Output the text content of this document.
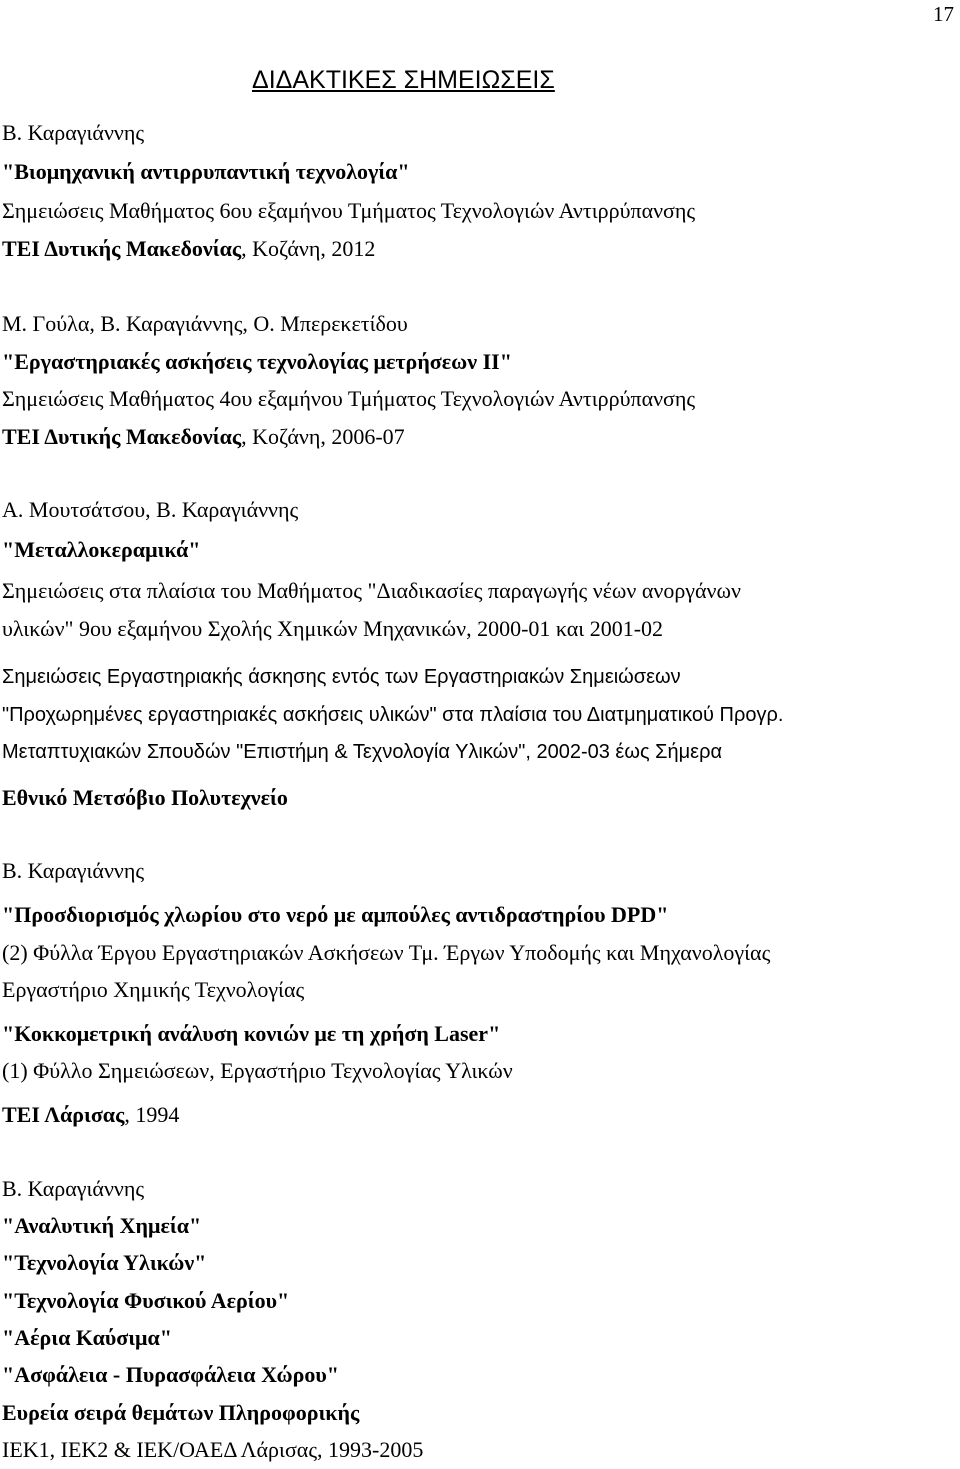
17
ΔΙΔΑΚΤΙΚΕΣ ΣΗΜΕΙΩΣΕΙΣ
Β. Καραγιάννης
"Βιομηχανική αντιρρυπαντική τεχνολογία"
Σημειώσεις Μαθήματος 6ου εξαμήνου Τμήματος Τεχνολογιών Αντιρρύπανσης
ΤΕΙ Δυτικής Μακεδονίας, Κοζάνη, 2012
Μ. Γούλα, Β. Καραγιάννης, Ο. Μπερεκετίδου
"Εργαστηριακές ασκήσεις τεχνολογίας μετρήσεων ΙΙ"
Σημειώσεις Μαθήματος 4ου εξαμήνου Τμήματος Τεχνολογιών Αντιρρύπανσης
ΤΕΙ Δυτικής Μακεδονίας, Κοζάνη, 2006-07
Α. Μουτσάτσου, Β. Καραγιάννης
"Μεταλλοκεραμικά"
Σημειώσεις στα πλαίσια του Μαθήματος "Διαδικασίες παραγωγής νέων ανοργάνων
υλικών" 9ου εξαμήνου Σχολής Χημικών Μηχανικών, 2000-01 και 2001-02
Σημειώσεις Εργαστηριακής άσκησης εντός των Εργαστηριακών Σημειώσεων
"Προχωρημένες εργαστηριακές ασκήσεις υλικών" στα πλαίσια του Διατμηματικού Προγρ.
Μεταπτυχιακών Σπουδών "Επιστήμη & Τεχνολογία Υλικών", 2002-03 έως Σήμερα
Εθνικό Μετσόβιο Πολυτεχνείο
Β. Καραγιάννης
"Προσδιορισμός χλωρίου στο νερό με αμπούλες αντιδραστηρίου DPD"
(2) Φύλλα Έργου Εργαστηριακών Ασκήσεων Τμ. Έργων Υποδομής και Μηχανολογίας
Εργαστήριο Χημικής Τεχνολογίας
"Κοκκομετρική ανάλυση κονιών με τη χρήση Laser"
(1) Φύλλο Σημειώσεων, Εργαστήριο Τεχνολογίας Υλικών
ΤΕΙ Λάρισας, 1994
Β. Καραγιάννης
"Αναλυτική Χημεία"
"Τεχνολογία Υλικών"
"Τεχνολογία Φυσικού Αερίου"
"Αέρια Καύσιμα"
"Ασφάλεια - Πυρασφάλεια Χώρου"
Ευρεία σειρά θεμάτων Πληροφορικής
ΙΕΚ1, ΙΕΚ2 & ΙΕΚ/ΟΑΕΔ Λάρισας, 1993-2005
